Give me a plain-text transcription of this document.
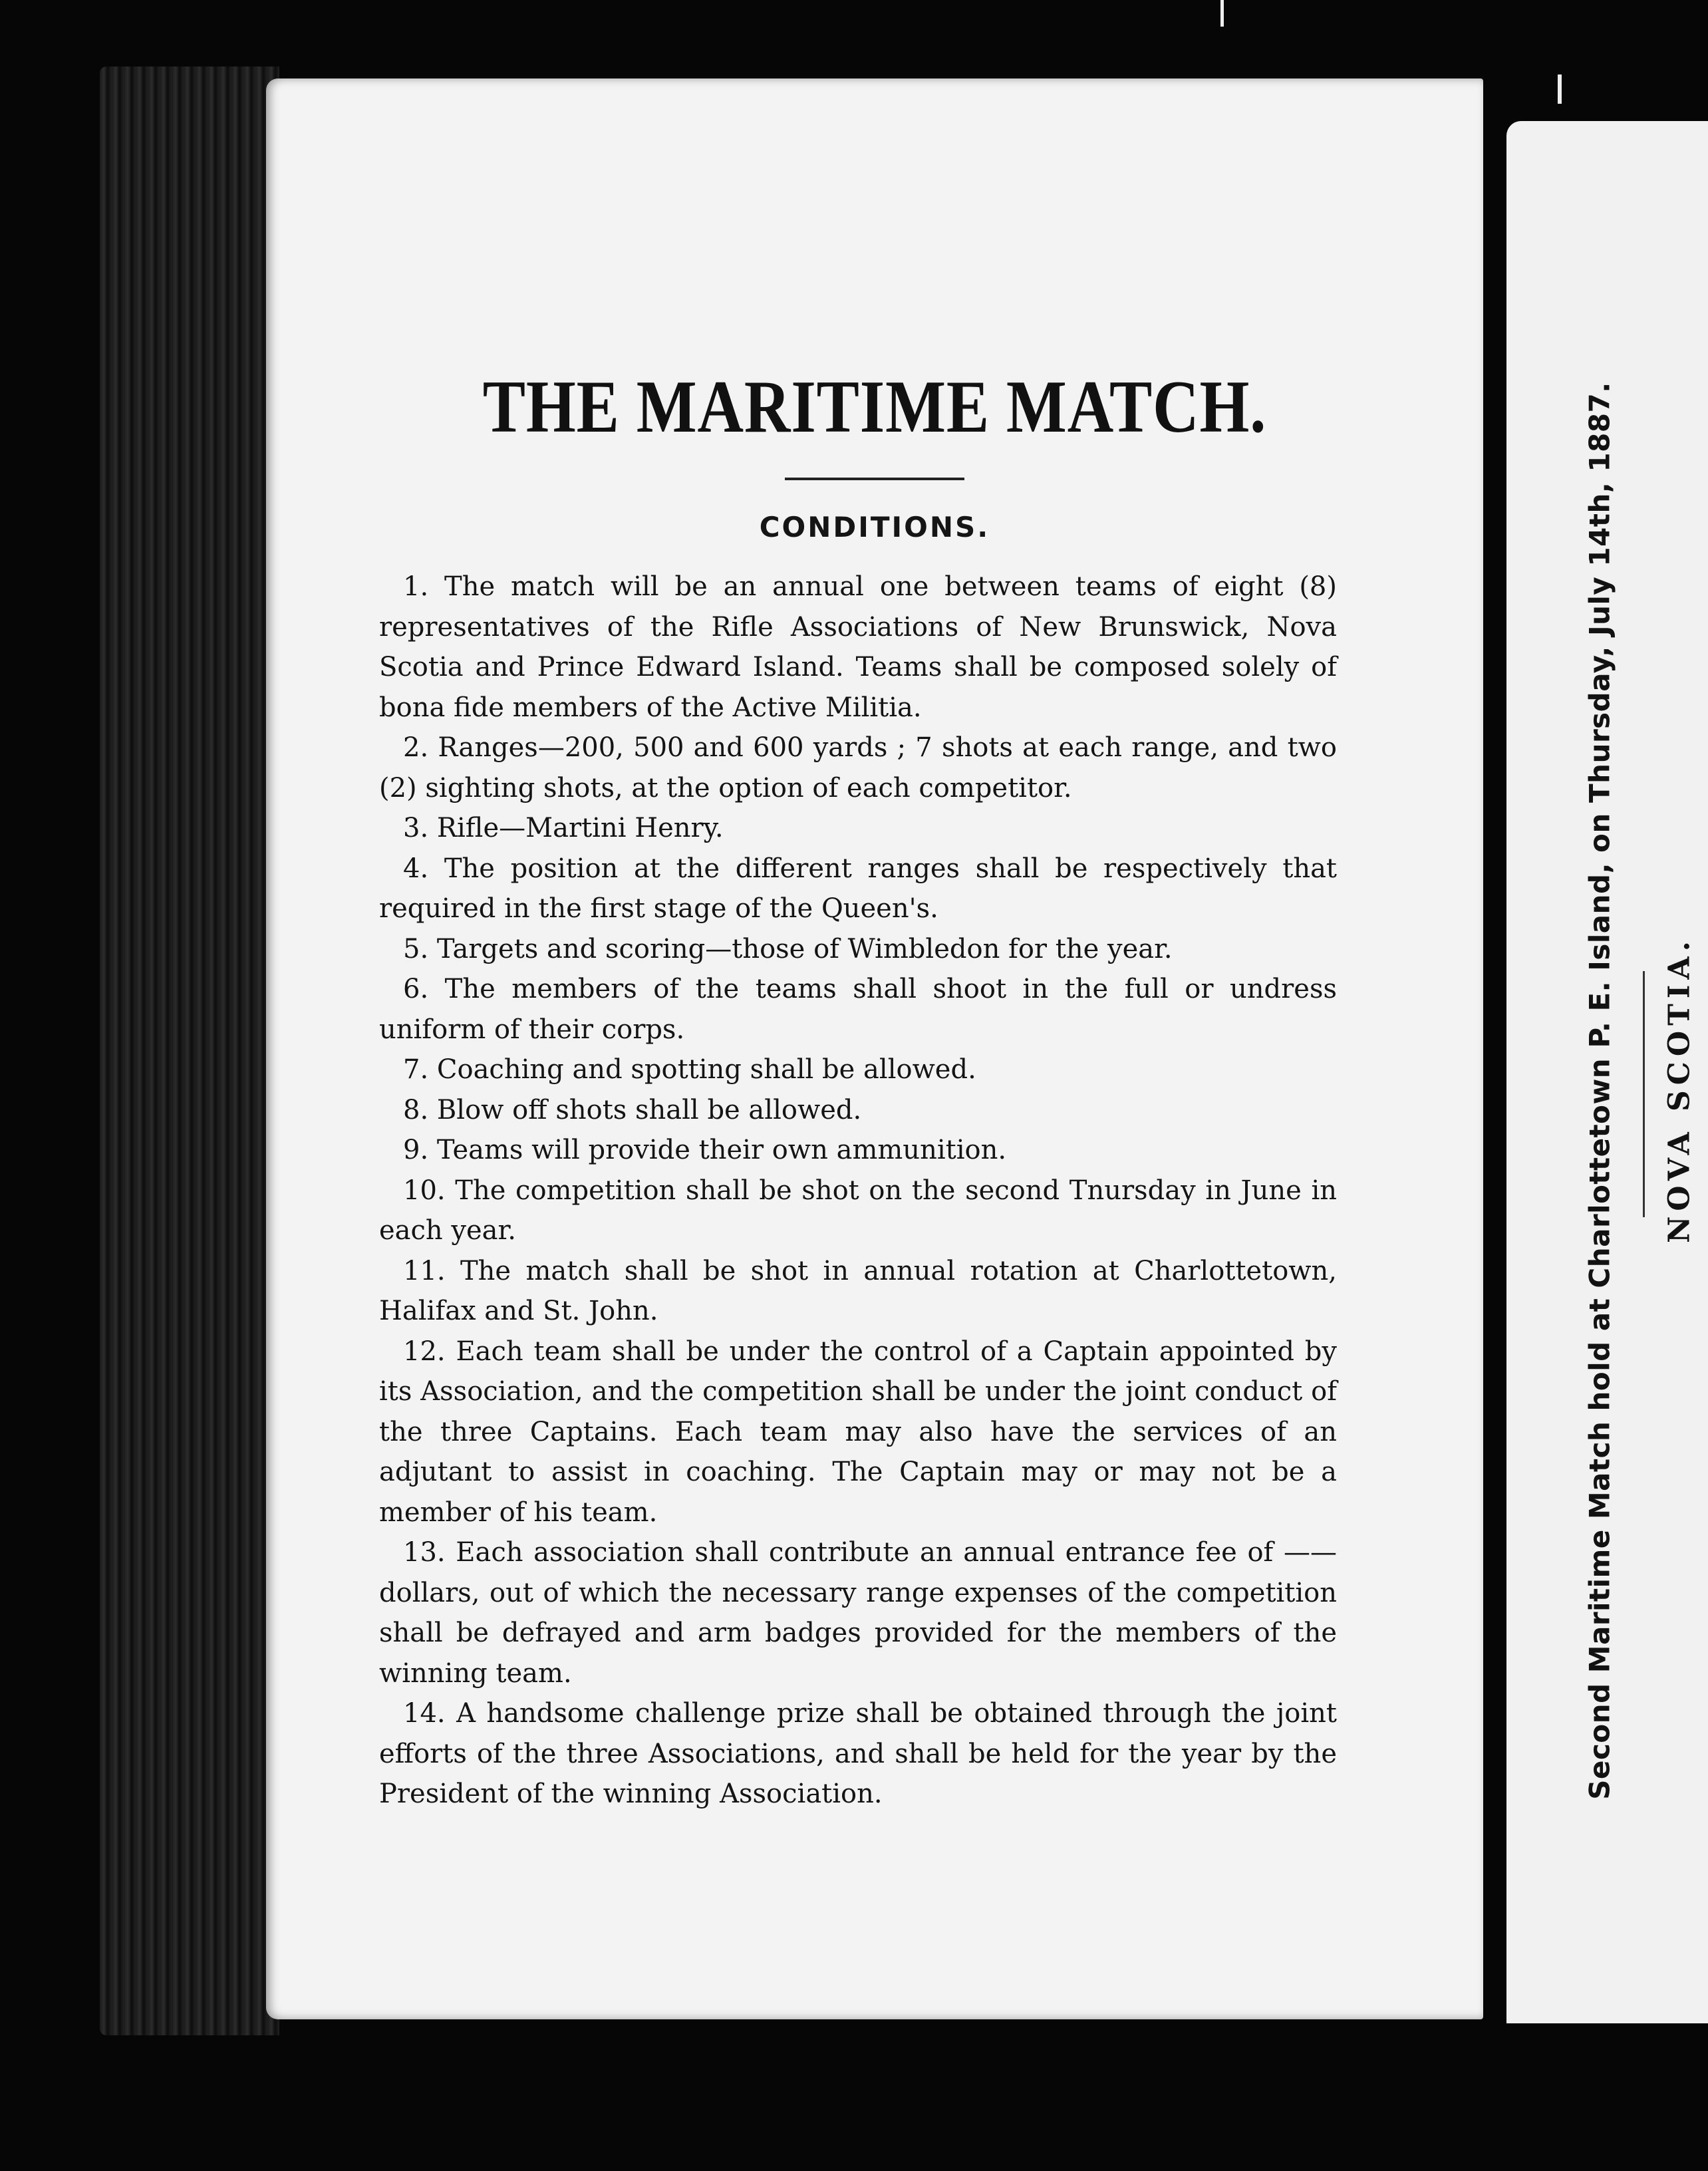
THE MARITIME MATCH.
CONDITIONS.
1. The match will be an annual one between teams of eight (8) representatives of the Rifle Associations of New Brunswick, Nova Scotia and Prince Edward Island. Teams shall be composed solely of bona fide members of the Active Militia.
2. Ranges—200, 500 and 600 yards ; 7 shots at each range, and two (2) sighting shots, at the option of each competitor.
3. Rifle—Martini Henry.
4. The position at the different ranges shall be respectively that required in the first stage of the Queen's.
5. Targets and scoring—those of Wimbledon for the year.
6. The members of the teams shall shoot in the full or undress uniform of their corps.
7. Coaching and spotting shall be allowed.
8. Blow off shots shall be allowed.
9. Teams will provide their own ammunition.
10. The competition shall be shot on the second Tnursday in June in each year.
11. The match shall be shot in annual rotation at Charlottetown, Halifax and St. John.
12. Each team shall be under the control of a Captain appointed by its Association, and the competition shall be under the joint conduct of the three Captains. Each team may also have the services of an adjutant to assist in coaching. The Captain may or may not be a member of his team.
13. Each association shall contribute an annual entrance fee of —— dollars, out of which the necessary range expenses of the competition shall be defrayed and arm badges provided for the members of the winning team.
14. A handsome challenge prize shall be obtained through the joint efforts of the three Associations, and shall be held for the year by the President of the winning Association.	Second Maritime Match hold at Charlottetown P. E. Island, on Thursday, July 14th, 1887. NOVA SCOTIA.
